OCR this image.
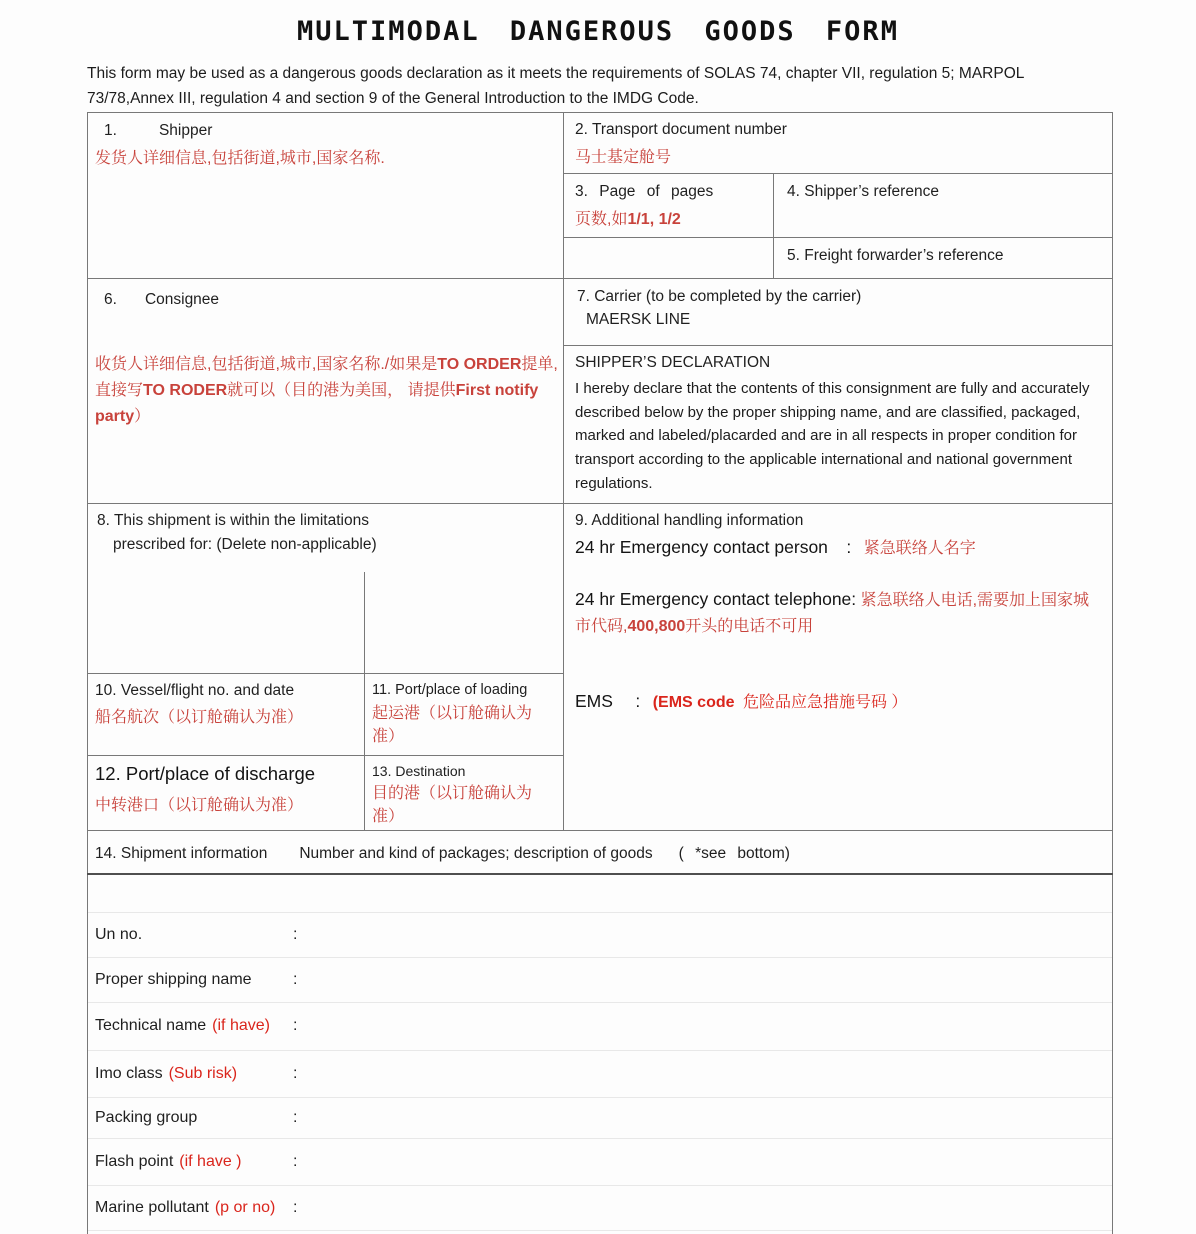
MULTIMODAL DANGEROUS GOODS FORM
This form may be used as a dangerous goods declaration as it meets the requirements of SOLAS 74, chapter VII, regulation 5; MARPOL 73/78,Annex III, regulation 4 and section 9 of the General Introduction to the IMDG Code.
1.	Shipper
发货人详细信息,包括街道,城市,国家名称.
2. Transport document number
马士基定舱号
3. Page of pages
页数,如1/1, 1/2
4. Shipper’s reference
5. Freight forwarder’s reference
6. Consignee
收货人详细信息,包括街道,城市,国家名称./如果是TO ORDER提单, 直接写TO RODER就可以（目的港为美国， 请提供First notify party）
7. Carrier (to be completed by the carrier)
MAERSK LINE
SHIPPER’S DECLARATION
I hereby declare that the contents of this consignment are fully and accurately described below by the proper shipping name, and are classified, packaged, marked and labeled/placarded and are in all respects in proper condition for transport according to the applicable international and national government regulations.
8. This shipment is within the limitations
prescribed for: (Delete non-applicable)
9. Additional handling information
24 hr Emergency contact person : 紧急联络人名字
24 hr Emergency contact telephone: 紧急联络人电话,需要加上国家城市代码,400,800开头的电话不可用
EMS : (EMS code 危险品应急措施号码 ）
10. Vessel/flight no. and date
船名航次（以订舱确认为准）
11. Port/place of loading
起运港（以订舱确认为准）
12. Port/place of discharge
中转港口（以订舱确认为准）
13. Destination
目的港（以订舱确认为准）
14. Shipment information Number and kind of packages; description of goods ( *see bottom)
Un no.	:
Proper shipping name	:
Technical name (if have) :
Imo class (Sub risk)	:
Packing group	:
Flash point (if have )	:
Marine pollutant (p or no) :
